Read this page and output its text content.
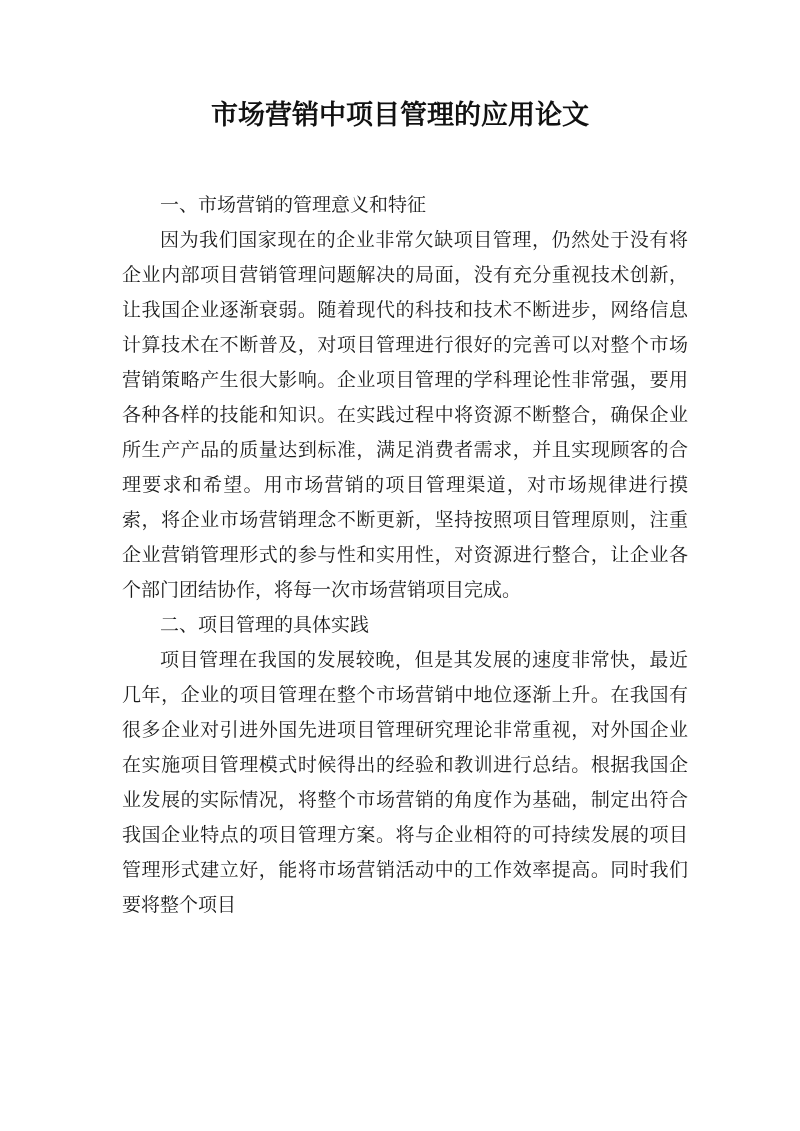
市场营销中项目管理的应用论文

一、市场营销的管理意义和特征

因为我们国家现在的企业非常欠缺项目管理，仍然处于没有将企业内部项目营销管理问题解决的局面，没有充分重视技术创新，让我国企业逐渐衰弱。随着现代的科技和技术不断进步，网络信息计算技术在不断普及，对项目管理进行很好的完善可以对整个市场营销策略产生很大影响。企业项目管理的学科理论性非常强，要用各种各样的技能和知识。在实践过程中将资源不断整合，确保企业所生产产品的质量达到标准，满足消费者需求，并且实现顾客的合理要求和希望。用市场营销的项目管理渠道，对市场规律进行摸索，将企业市场营销理念不断更新，坚持按照项目管理原则，注重企业营销管理形式的参与性和实用性，对资源进行整合，让企业各个部门团结协作，将每一次市场营销项目完成。

二、项目管理的具体实践

项目管理在我国的发展较晚，但是其发展的速度非常快，最近几年，企业的项目管理在整个市场营销中地位逐渐上升。在我国有很多企业对引进外国先进项目管理研究理论非常重视，对外国企业在实施项目管理模式时候得出的经验和教训进行总结。根据我国企业发展的实际情况，将整个市场营销的角度作为基础，制定出符合我国企业特点的项目管理方案。将与企业相符的可持续发展的项目管理形式建立好，能将市场营销活动中的工作效率提高。同时我们要将整个项目
